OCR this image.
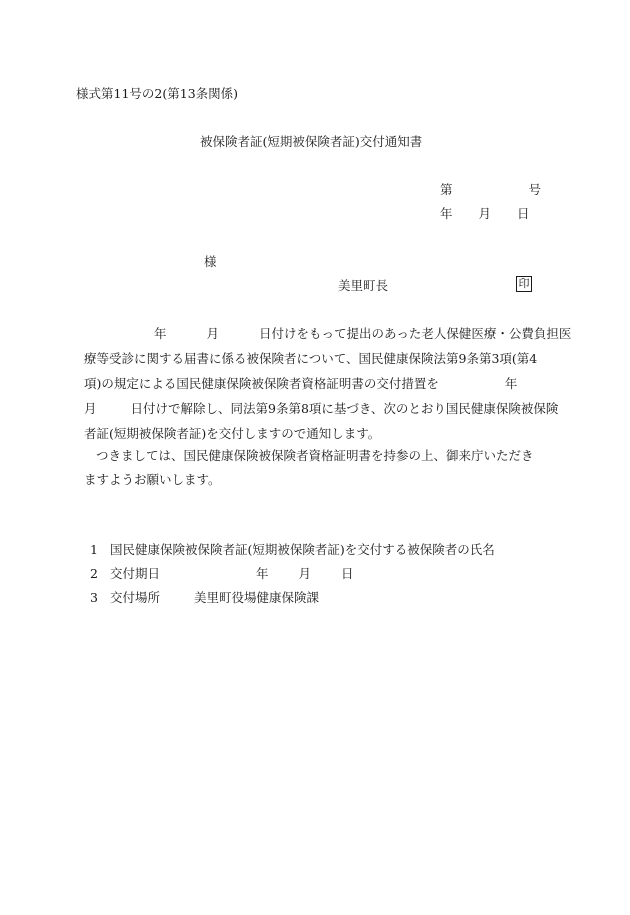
様式第11号の2(第13条関係)
被保険者証(短期被保険者証)交付通知書
第	号
年 月 日
様
美里町長	印
年	月	日付けをもって提出のあった老人保健医療・公費負担医
療等受診に関する届書に係る被保険者について、国民健康保険法第9条第3項(第4
項)の規定による国民健康保険被保険者資格証明書の交付措置を	年
月	日付けで解除し、同法第9条第8項に基づき、次のとおり国民健康保険被保険
者証(短期被保険者証)を交付しますので通知します。
つきましては、国民健康保険被保険者資格証明書を持参の上、御来庁いただき
ますようお願いします。
1 国民健康保険被保険者証(短期被保険者証)を交付する被保険者の氏名
2 交付期日	年 月 日
3 交付場所	美里町役場健康保険課
